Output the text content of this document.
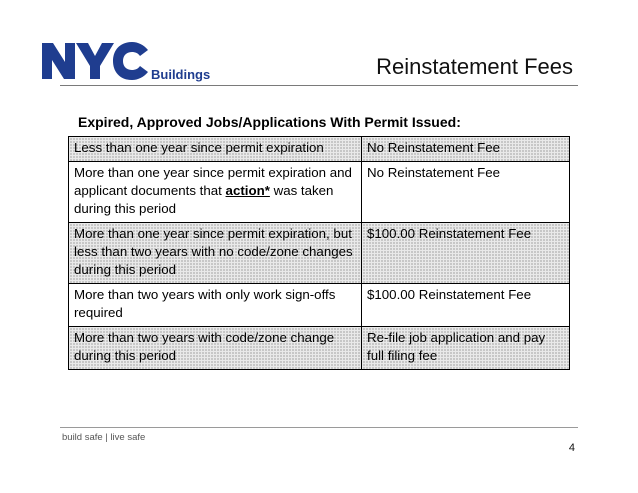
Buildings	Reinstatement Fees
Expired, Approved Jobs/Applications With Permit Issued:
Less than one year since permit expiration	No Reinstatement Fee
More than one year since permit expiration and applicant documents that action* was taken during this period	No Reinstatement Fee
More than one year since permit expiration, but less than two years with no code/zone changes during this period	$100.00 Reinstatement Fee
More than two years with only work sign-offs required	$100.00 Reinstatement Fee
More than two years with code/zone change during this period	Re-file job application and pay full filing fee
build safe | live safe
4
